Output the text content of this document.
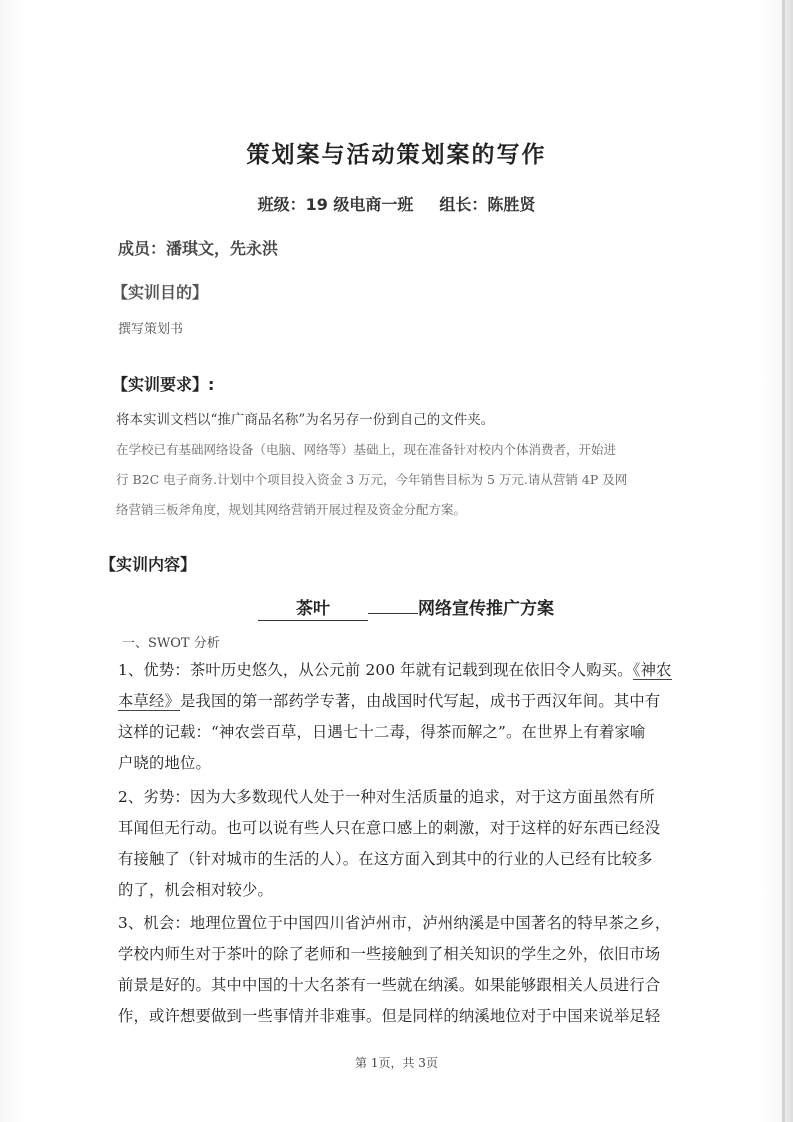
策划案与活动策划案的写作
班级：19 级电商一班 组长：陈胜贤
成员：潘琪文，先永洪
【实训目的】
撰写策划书
【实训要求】:
将本实训文档以“推广商品名称”为名另存一份到自己的文件夹。
在学校已有基础网络设备（电脑、网络等）基础上，现在准备针对校内个体消费者，开始进
行 B2C 电子商务.计划中个项目投入资金 3 万元，今年销售目标为 5 万元.请从营销 4P 及网
络营销三板斧角度，规划其网络营销开展过程及资金分配方案。
【实训内容】
茶叶	网络宣传推广方案
一、SWOT 分析
1、优势：茶叶历史悠久，从公元前 200 年就有记载到现在依旧令人购买。《神农
本草经》是我国的第一部药学专著，由战国时代写起，成书于西汉年间。其中有
这样的记载：“神农尝百草，日遇七十二毒，得茶而解之”。在世界上有着家喻
户晓的地位。
2、劣势：因为大多数现代人处于一种对生活质量的追求，对于这方面虽然有所
耳闻但无行动。也可以说有些人只在意口感上的刺激，对于这样的好东西已经没
有接触了（针对城市的生活的人）。在这方面入到其中的行业的人已经有比较多
的了，机会相对较少。
3、机会：地理位置位于中国四川省泸州市，泸州纳溪是中国著名的特早茶之乡，
学校内师生对于茶叶的除了老师和一些接触到了相关知识的学生之外，依旧市场
前景是好的。其中中国的十大名茶有一些就在纳溪。如果能够跟相关人员进行合
作，或许想要做到一些事情并非难事。但是同样的纳溪地位对于中国来说举足轻
第 1页，共 3页
